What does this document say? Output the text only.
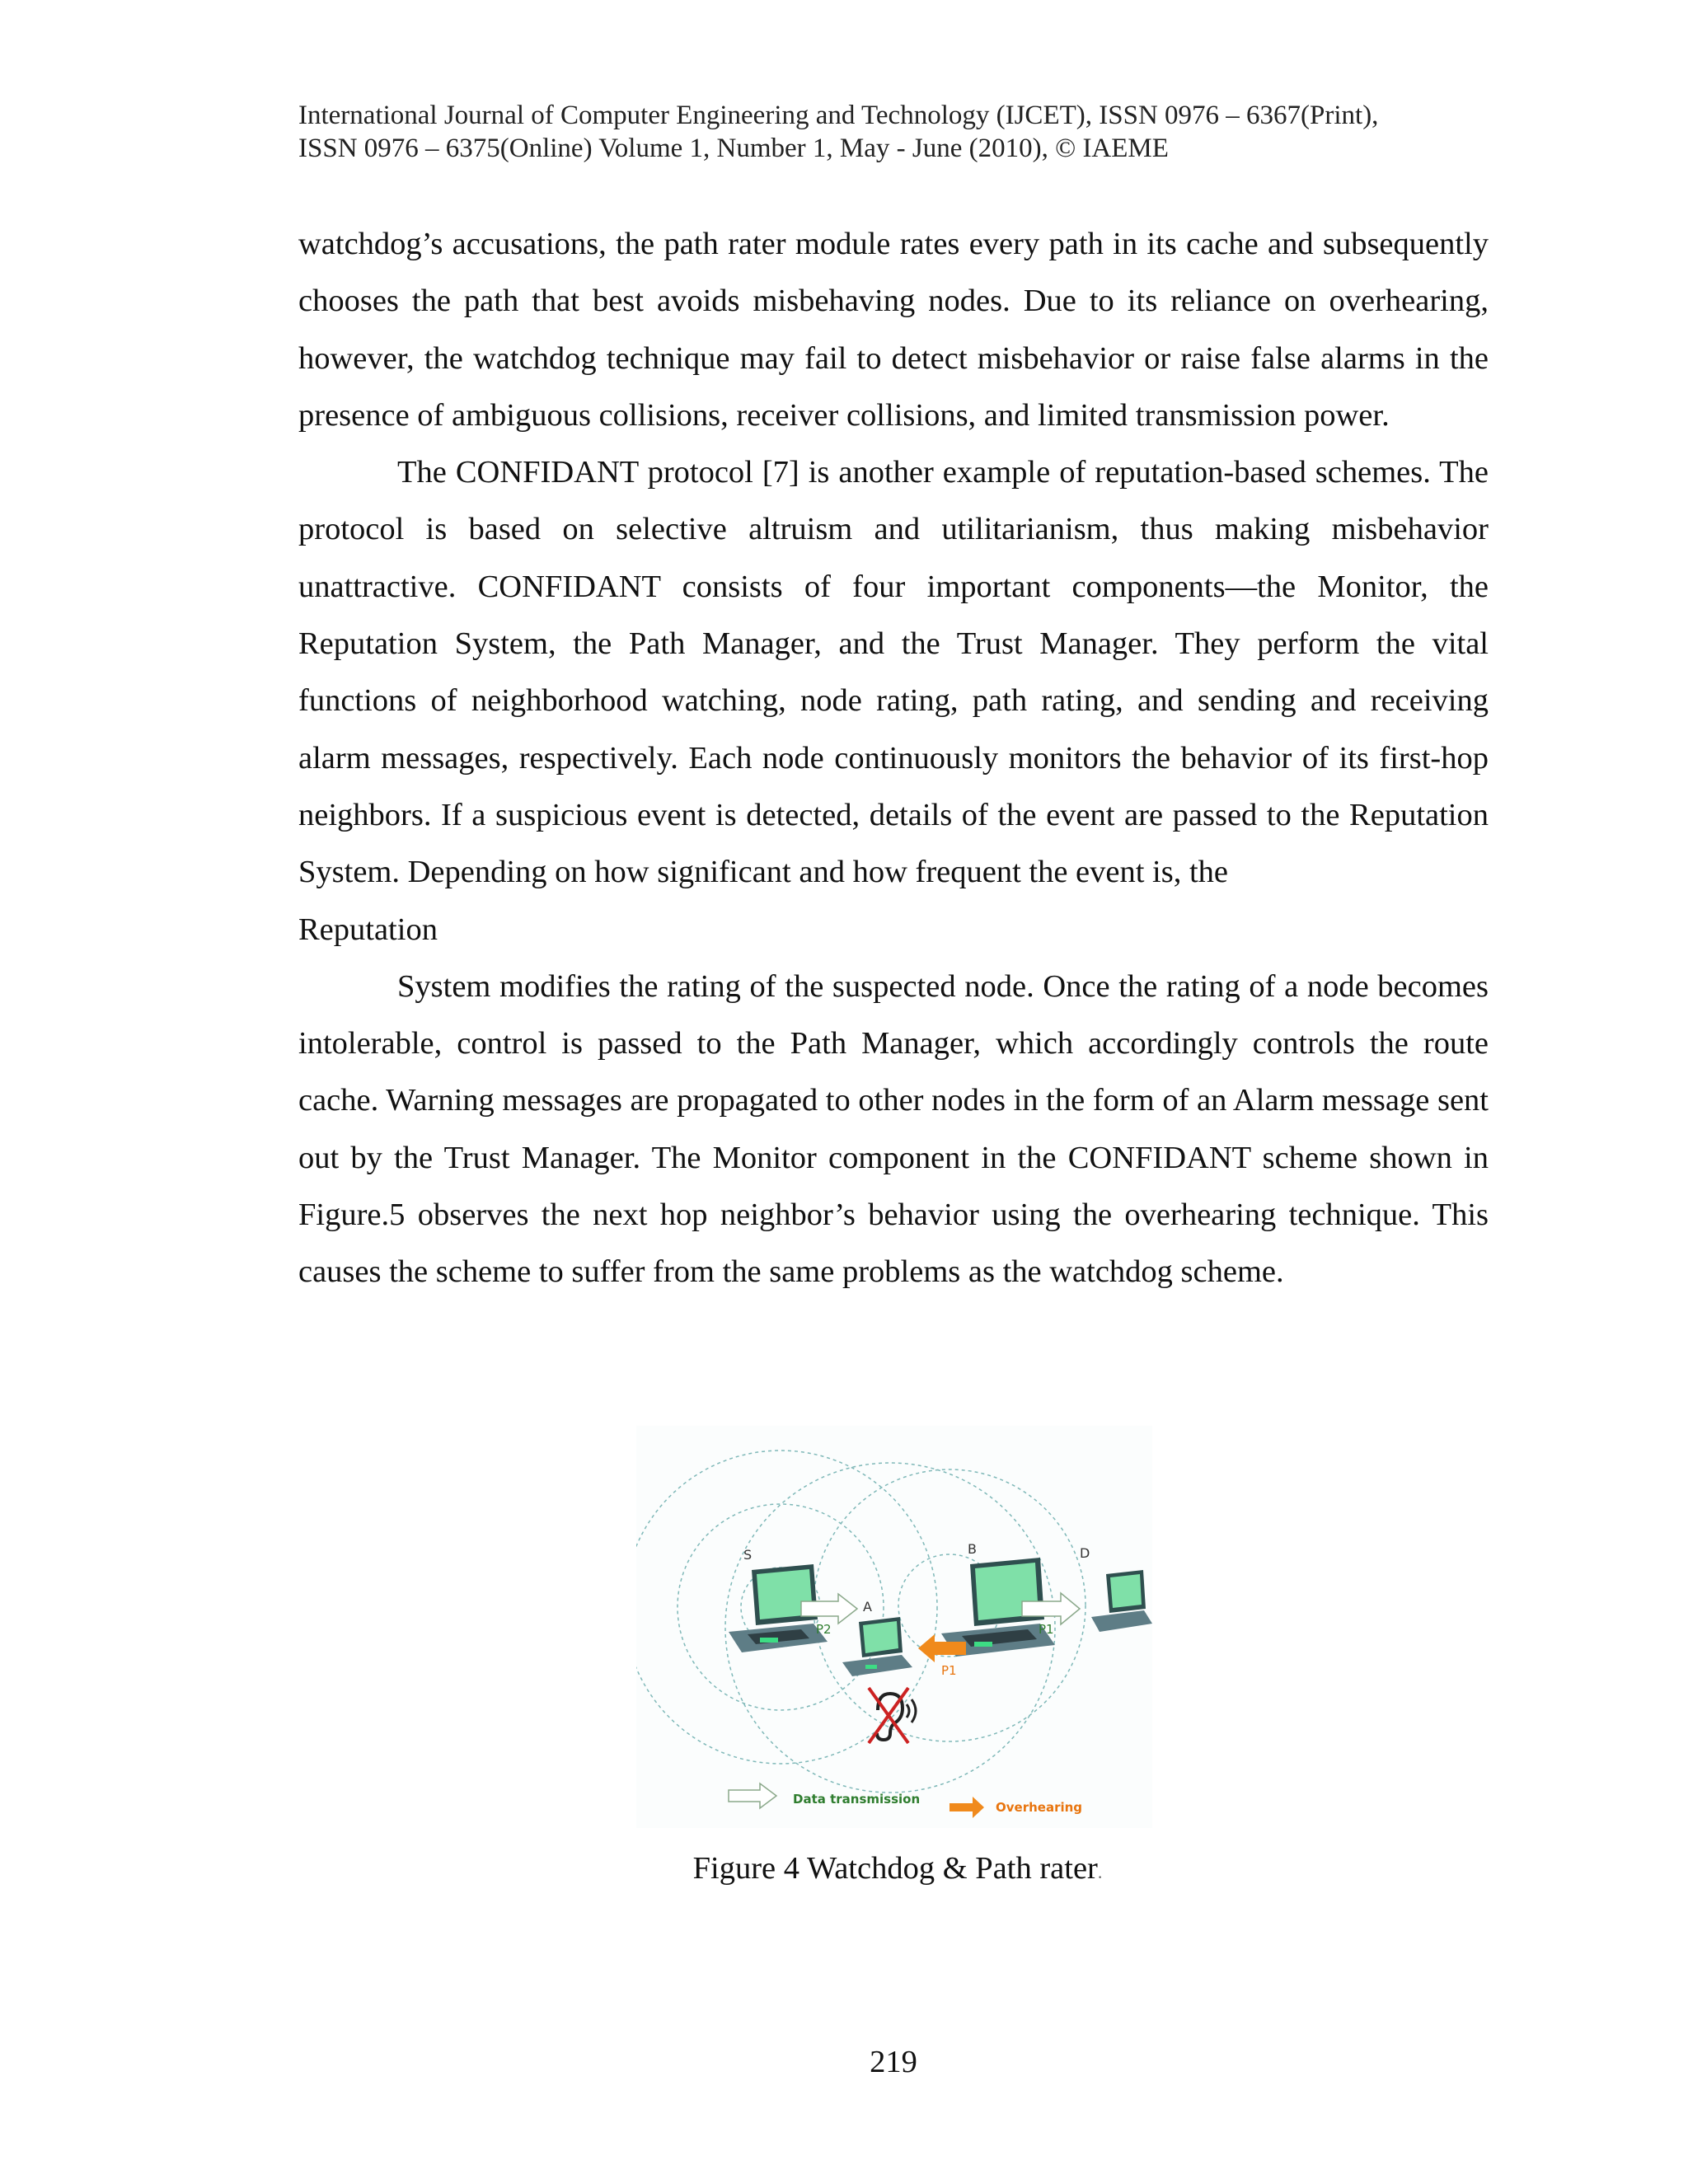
International Journal of Computer Engineering and Technology (IJCET), ISSN 0976 – 6367(Print),
ISSN 0976 – 6375(Online) Volume 1, Number 1, May - June (2010), © IAEME

watchdog’s accusations, the path rater module rates every path in its cache and subsequently chooses the path that best avoids misbehaving nodes. Due to its reliance on overhearing, however, the watchdog technique may fail to detect misbehavior or raise false alarms in the presence of ambiguous collisions, receiver collisions, and limited transmission power.

The CONFIDANT protocol [7] is another example of reputation-based schemes. The protocol is based on selective altruism and utilitarianism, thus making misbehavior unattractive. CONFIDANT consists of four important components—the Monitor, the Reputation System, the Path Manager, and the Trust Manager. They perform the vital functions of neighborhood watching, node rating, path rating, and sending and receiving alarm messages, respectively. Each node continuously monitors the behavior of its first-hop neighbors. If a suspicious event is detected, details of the event are passed to the Reputation System. Depending on how significant and how frequent the event is, the

Reputation

System modifies the rating of the suspected node. Once the rating of a node becomes intolerable, control is passed to the Path Manager, which accordingly controls the route cache. Warning messages are propagated to other nodes in the form of an Alarm message sent out by the Trust Manager. The Monitor component in the CONFIDANT scheme shown in Figure.5 observes the next hop neighbor’s behavior using the overhearing technique. This causes the scheme to suffer from the same problems as the watchdog scheme.

S
A
B	D
P2	P1
P1
Data transmission
Overhearing
Figure 4 Watchdog & Path rater.
219
